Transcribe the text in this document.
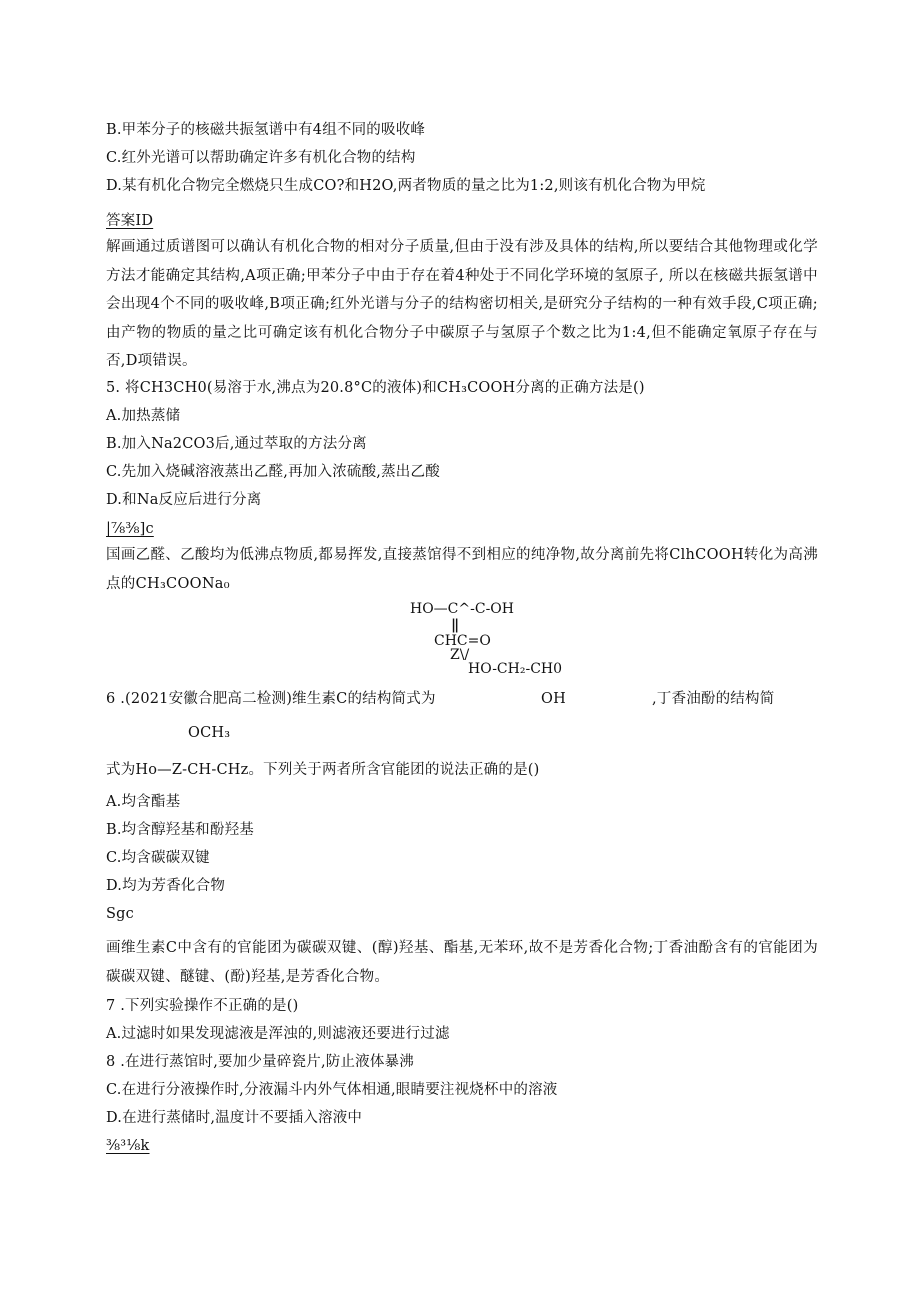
B.甲苯分子的核磁共振氢谱中有4组不同的吸收峰
C.红外光谱可以帮助确定许多有机化合物的结构
D.某有机化合物完全燃烧只生成CO?和H2O,两者物质的量之比为1:2,则该有机化合物为甲烷
答案ID
解画通过质谱图可以确认有机化合物的相对分子质量,但由于没有涉及具体的结构,所以要结合其他物理或化学方法才能确定其结构,A项正确;甲苯分子中由于存在着4种处于不同化学环境的氢原子, 所以在核磁共振氢谱中会出现4个不同的吸收峰,B项正确;红外光谱与分子的结构密切相关,是研究分子结构的一种有效手段,C项正确;由产物的物质的量之比可确定该有机化合物分子中碳原子与氢原子个数之比为1:4,但不能确定氧原子存在与否,D项错误。
5. 将CH3CH0(易溶于水,沸点为20.8°C的液体)和CH₃COOH分离的正确方法是()
A.加热蒸储
B.加入Na2CO3后,通过萃取的方法分离
C.先加入烧碱溶液蒸出乙醛,再加入浓硫酸,蒸出乙酸
D.和Na反应后进行分离
|⅞⅜]c
国画乙醛、乙酸均为低沸点物质,都易挥发,直接蒸馆得不到相应的纯净物,故分离前先将ClhCOOH转化为高沸点的CH₃COONa₀
HO—C^-C-OH
||
CHC=O
Z\/
HO-CH₂-CH0
6 .(2021安徽合肥高二检测)维生素C的结构简式为	OH	,丁香油酚的结构简
OCH₃
式为Ho—Z-CH-CHz。下列关于两者所含官能团的说法正确的是()
A.均含酯基
B.均含醇羟基和酚羟基
C.均含碳碳双键
D.均为芳香化合物
Sgc
画维生素C中含有的官能团为碳碳双键、(醇)羟基、酯基,无苯环,故不是芳香化合物;丁香油酚含有的官能团为碳碳双键、醚键、(酚)羟基,是芳香化合物。
7 .下列实验操作不正确的是()
A.过滤时如果发现滤液是浑浊的,则滤液还要进行过滤
8 .在进行蒸馆时,要加少量碎瓷片,防止液体暴沸
C.在进行分液操作时,分液漏斗内外气体相通,眼睛要注视烧杯中的溶液
D.在进行蒸储时,温度计不要插入溶液中
⅜³⅛k
